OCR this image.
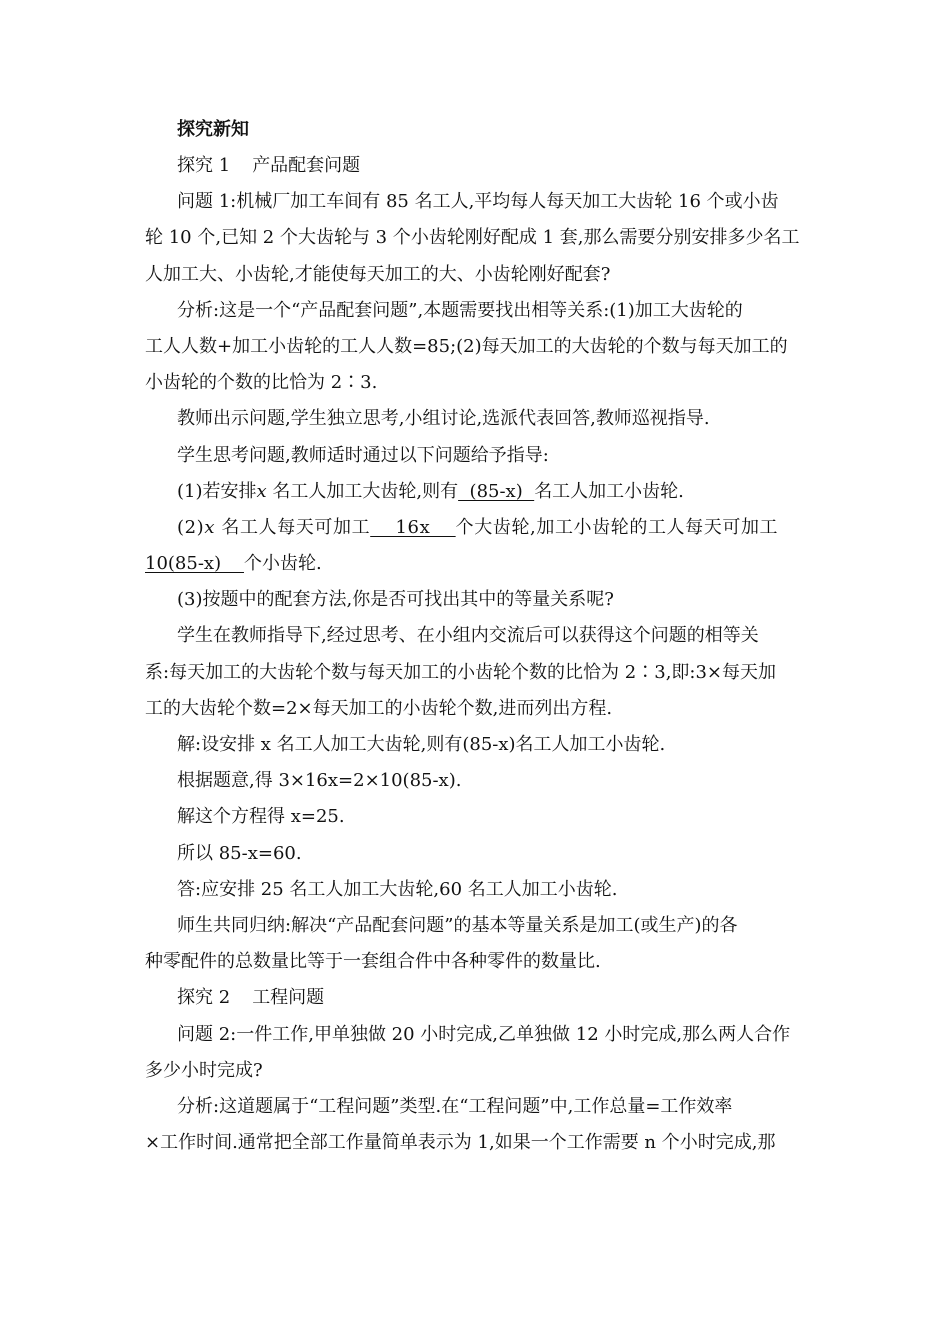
探究新知
探究 1 产品配套问题
问题 1:机械厂加工车间有 85 名工人,平均每人每天加工大齿轮 16 个或小齿
轮 10 个,已知 2 个大齿轮与 3 个小齿轮刚好配成 1 套,那么需要分别安排多少名工
人加工大、小齿轮,才能使每天加工的大、小齿轮刚好配套?
分析:这是一个“产品配套问题”,本题需要找出相等关系:(1)加工大齿轮的
工人人数+加工小齿轮的工人人数=85;(2)每天加工的大齿轮的个数与每天加工的
小齿轮的个数的比恰为 2∶3.
教师出示问题,学生独立思考,小组讨论,选派代表回答,教师巡视指导.
学生思考问题,教师适时通过以下问题给予指导:
(1)若安排x 名工人加工大齿轮,则有  (85-x)  名工人加工小齿轮.
(2)x 名工人每天可加工    16x    个大齿轮,加工小齿轮的工人每天可加工
10(85-x)    个小齿轮.
(3)按题中的配套方法,你是否可找出其中的等量关系呢?
学生在教师指导下,经过思考、在小组内交流后可以获得这个问题的相等关
系:每天加工的大齿轮个数与每天加工的小齿轮个数的比恰为 2∶3,即:3×每天加
工的大齿轮个数=2×每天加工的小齿轮个数,进而列出方程.
解:设安排 x 名工人加工大齿轮,则有(85-x)名工人加工小齿轮.
根据题意,得 3×16x=2×10(85-x).
解这个方程得 x=25.
所以 85-x=60.
答:应安排 25 名工人加工大齿轮,60 名工人加工小齿轮.
师生共同归纳:解决“产品配套问题”的基本等量关系是加工(或生产)的各
种零配件的总数量比等于一套组合件中各种零件的数量比.
探究 2 工程问题
问题 2:一件工作,甲单独做 20 小时完成,乙单独做 12 小时完成,那么两人合作
多少小时完成?
分析:这道题属于“工程问题”类型.在“工程问题”中,工作总量=工作效率
×工作时间.通常把全部工作量简单表示为 1,如果一个工作需要 n 个小时完成,那
